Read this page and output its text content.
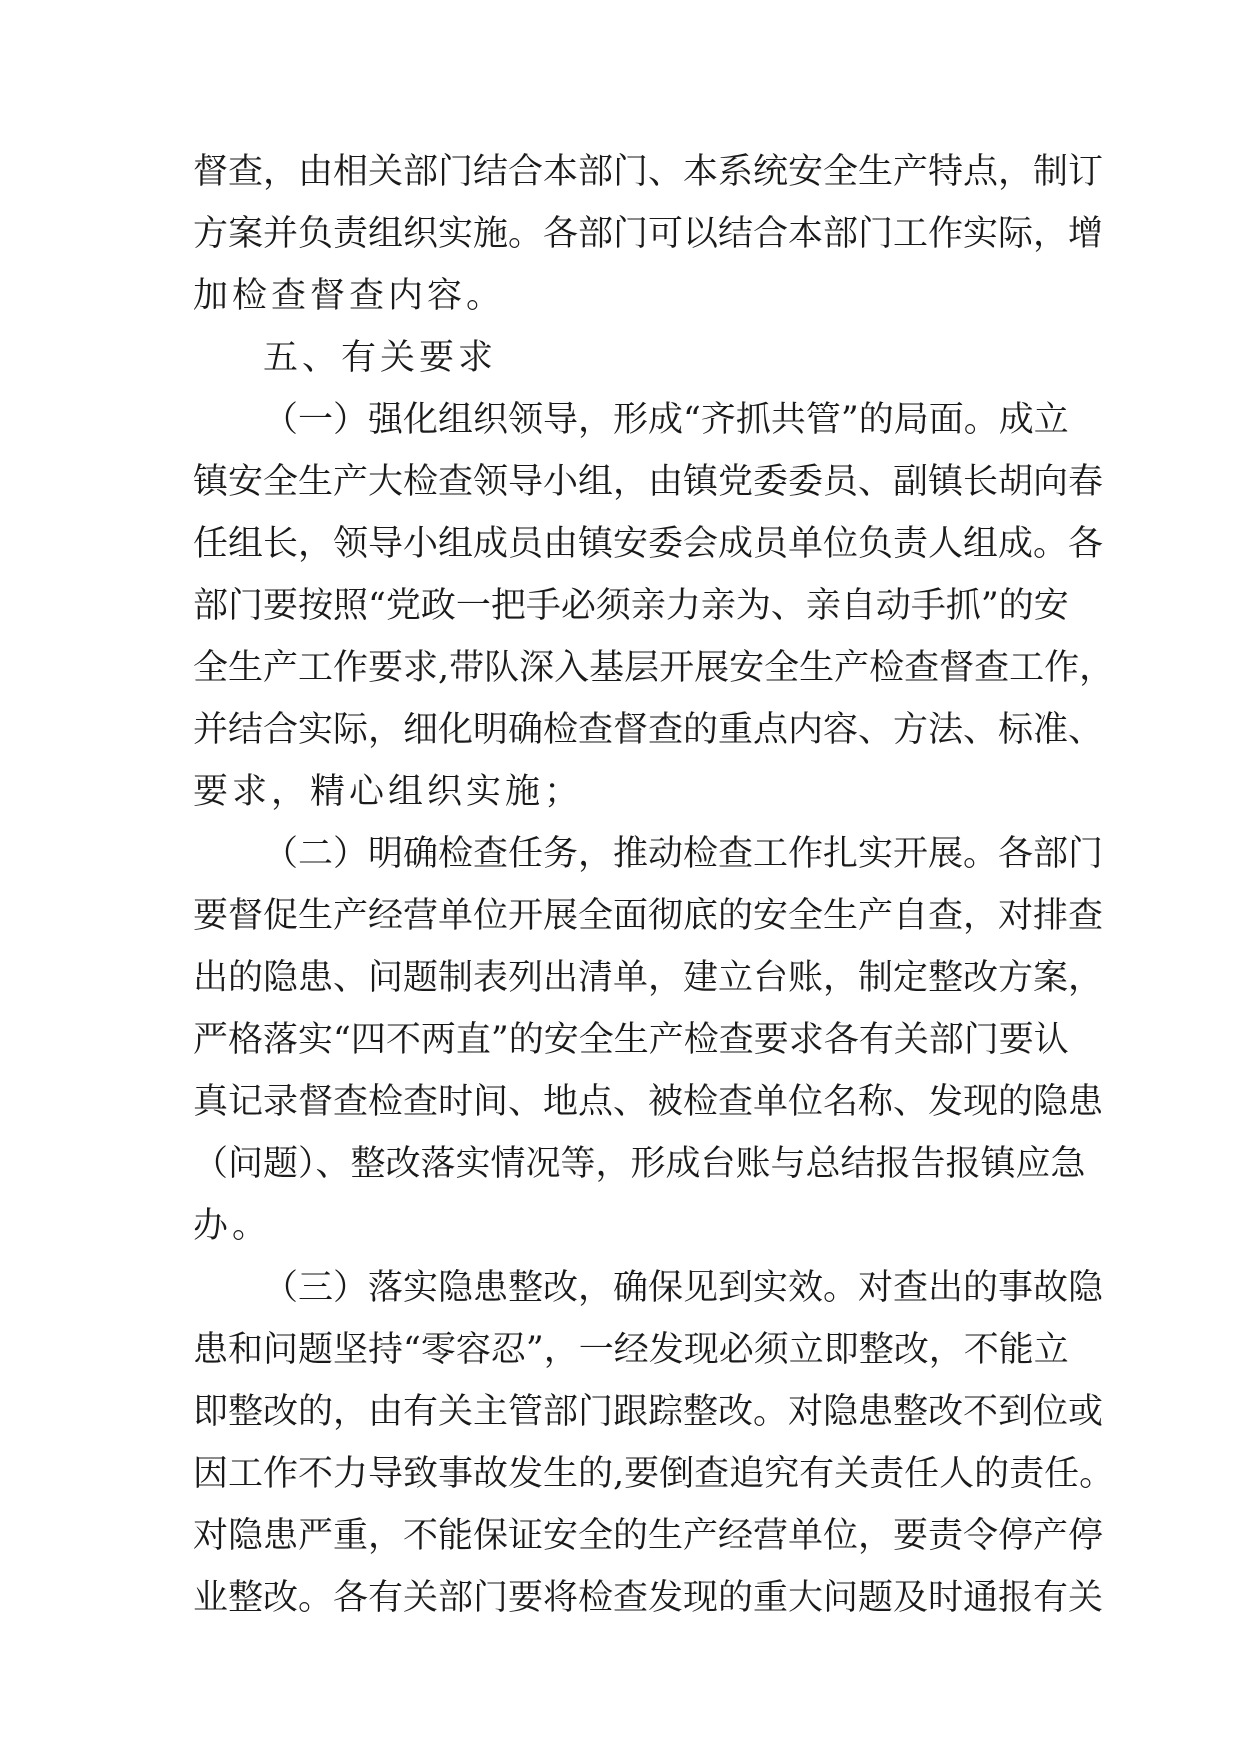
督查，由相关部门结合本部门、本系统安全生产特点，制订
方案并负责组织实施。各部门可以结合本部门工作实际，增
加检查督查内容。
五、有关要求
（一）强化组织领导，形成“齐抓共管”的局面。成立
镇安全生产大检查领导小组，由镇党委委员、副镇长胡向春
任组长，领导小组成员由镇安委会成员单位负责人组成。各
部门要按照“党政一把手必须亲力亲为、亲自动手抓”的安
全生产工作要求,带队深入基层开展安全生产检查督查工作，
并结合实际，细化明确检查督查的重点内容、方法、标准、
要求，精心组织实施；
（二）明确检查任务，推动检查工作扎实开展。各部门
要督促生产经营单位开展全面彻底的安全生产自查，对排查
出的隐患、问题制表列出清单，建立台账，制定整改方案，
严格落实“四不两直”的安全生产检查要求各有关部门要认
真记录督查检查时间、地点、被检查单位名称、发现的隐患
（问题）、整改落实情况等，形成台账与总结报告报镇应急
办。
（三）落实隐患整改，确保见到实效。对查出的事故隐
患和问题坚持“零容忍”，一经发现必须立即整改，不能立
即整改的，由有关主管部门跟踪整改。对隐患整改不到位或
因工作不力导致事故发生的,要倒查追究有关责任人的责任。
对隐患严重，不能保证安全的生产经营单位，要责令停产停
业整改。各有关部门要将检查发现的重大问题及时通报有关
